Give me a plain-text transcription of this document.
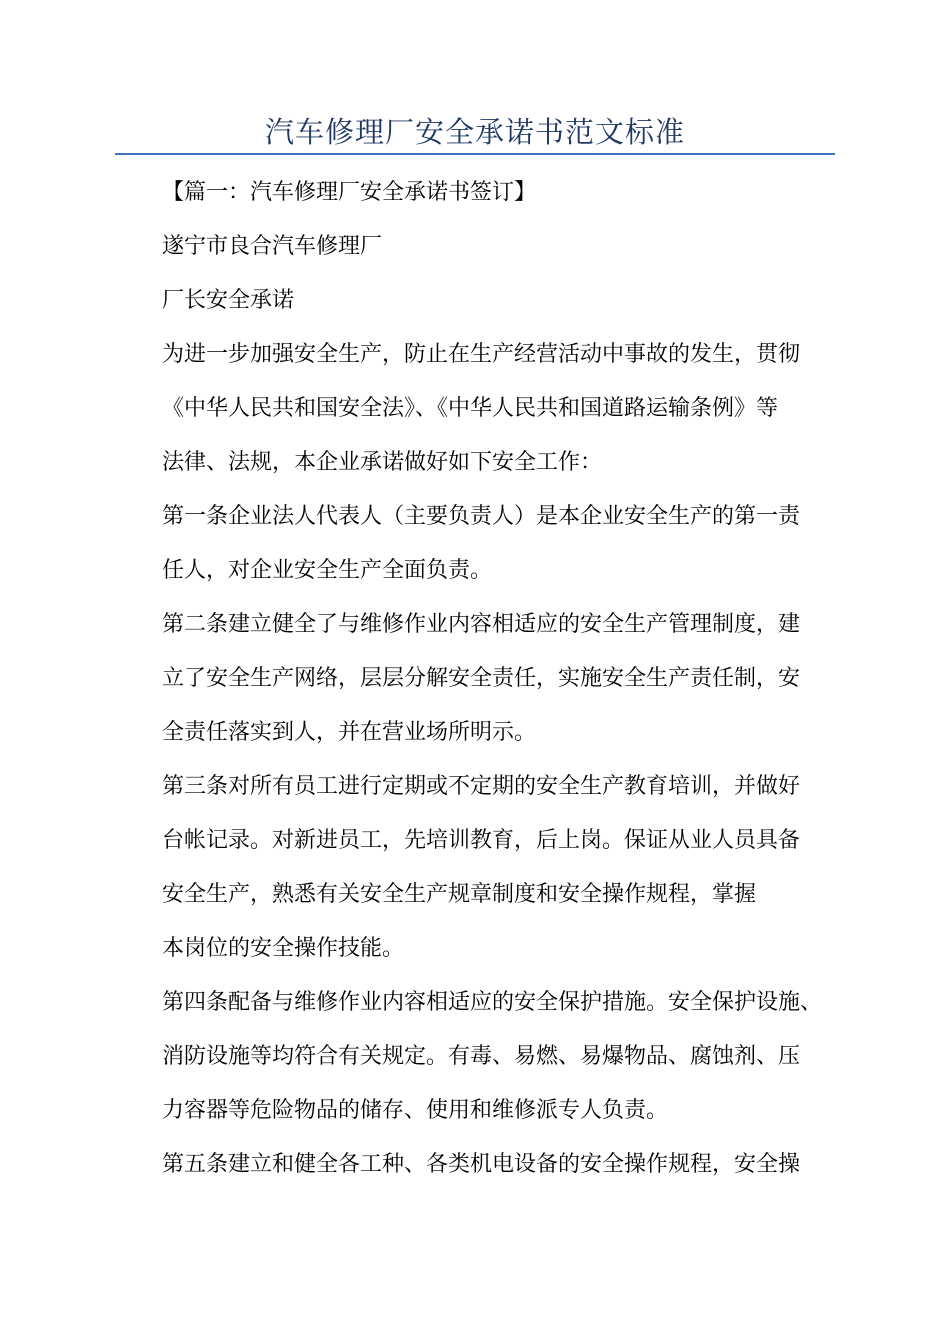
汽车修理厂安全承诺书范文标准
【篇一：汽车修理厂安全承诺书签订】
遂宁市良合汽车修理厂
厂长安全承诺
为进一步加强安全生产，防止在生产经营活动中事故的发生，贯彻
《中华人民共和国安全法》、《中华人民共和国道路运输条例》等
法律、法规，本企业承诺做好如下安全工作：
第一条企业法人代表人（主要负责人）是本企业安全生产的第一责
任人，对企业安全生产全面负责。
第二条建立健全了与维修作业内容相适应的安全生产管理制度，建
立了安全生产网络，层层分解安全责任，实施安全生产责任制，安
全责任落实到人，并在营业场所明示。
第三条对所有员工进行定期或不定期的安全生产教育培训，并做好
台帐记录。对新进员工，先培训教育，后上岗。保证从业人员具备
安全生产，熟悉有关安全生产规章制度和安全操作规程，掌握
本岗位的安全操作技能。
第四条配备与维修作业内容相适应的安全保护措施。安全保护设施、
消防设施等均符合有关规定。有毒、易燃、易爆物品、腐蚀剂、压
力容器等危险物品的储存、使用和维修派专人负责。
第五条建立和健全各工种、各类机电设备的安全操作规程，安全操
